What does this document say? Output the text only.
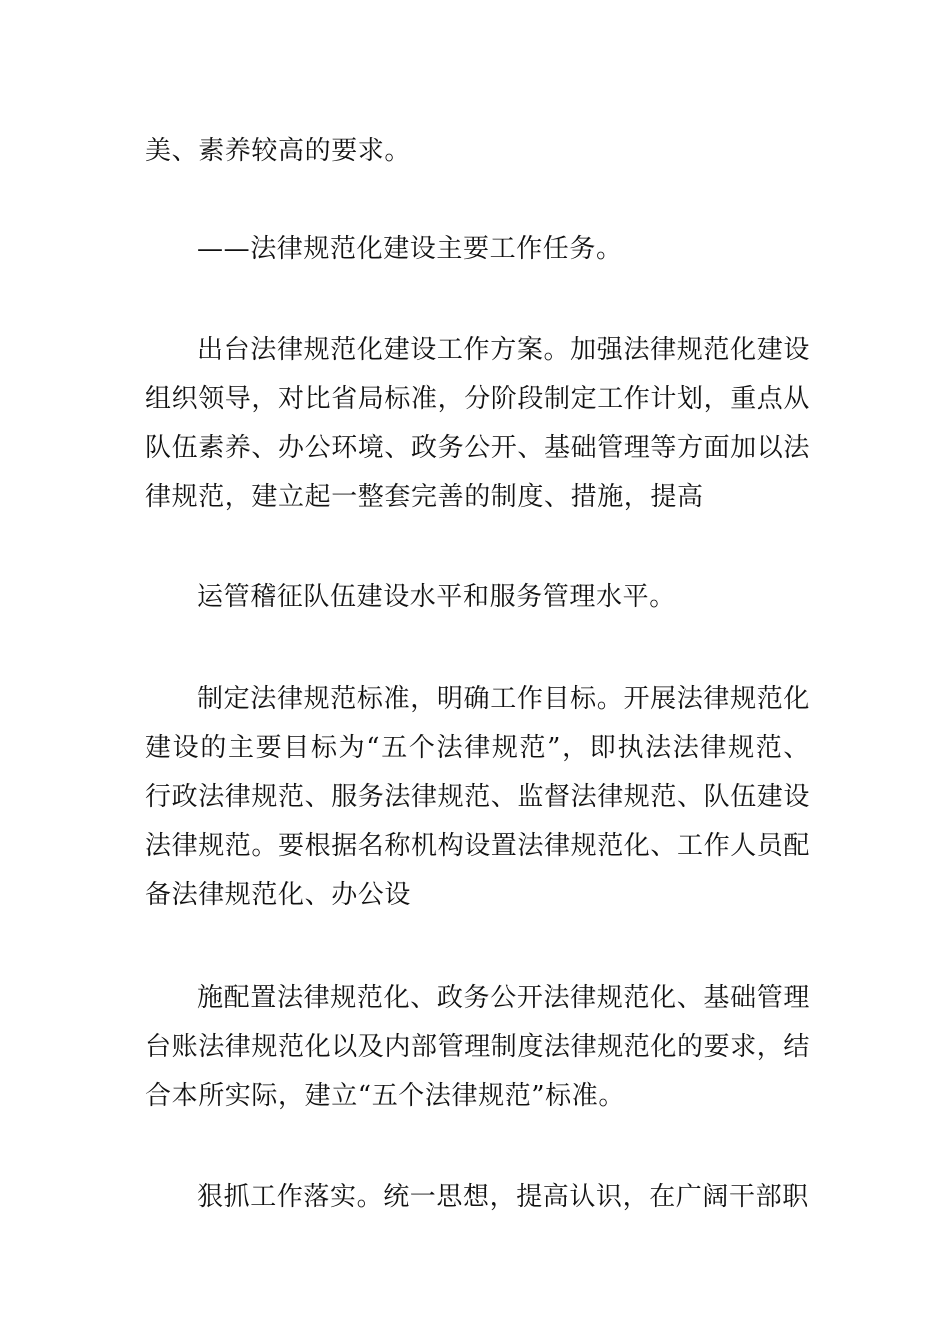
美、素养较高的要求。

——法律规范化建设主要工作任务。

出台法律规范化建设工作方案。加强法律规范化建设组织领导，对比省局标准，分阶段制定工作计划，重点从队伍素养、办公环境、政务公开、基础管理等方面加以法律规范，建立起一整套完善的制度、措施，提高

运管稽征队伍建设水平和服务管理水平。

制定法律规范标准，明确工作目标。开展法律规范化建设的主要目标为“五个法律规范”，即执法法律规范、行政法律规范、服务法律规范、监督法律规范、队伍建设法律规范。要根据名称机构设置法律规范化、工作人员配备法律规范化、办公设

施配置法律规范化、政务公开法律规范化、基础管理台账法律规范化以及内部管理制度法律规范化的要求，结合本所实际，建立“五个法律规范”标准。

狠抓工作落实。统一思想，提高认识，在广阔干部职
